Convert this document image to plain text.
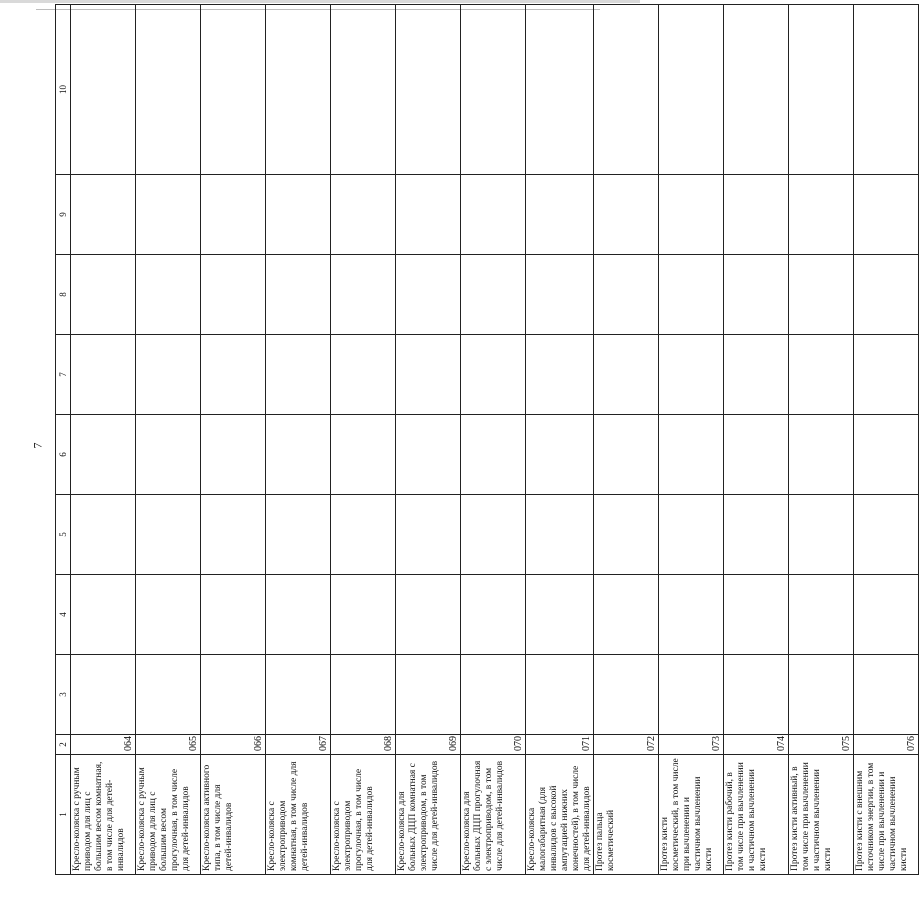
7
1	2	3	4	5	6	7	8	9	10
Кресло-коляска с ручным приводом для лиц с большим весом комнатная, в том числе для детей-инвалидов	064								
Кресло-коляска с ручным приводом для лиц с большим весом прогулочная, в том числе для детей-инвалидов	065								
Кресло-коляска активного типа, в том числе для детей-инвалидов	066								
Кресло-коляска с электроприводом комнатная, в том числе для детей-инвалидов	067								
Кресло-коляска с электроприводом прогулочная, в том числе для детей-инвалидов	068								
Кресло-коляска для больных ДЦП комнатная с электроприводом, в том числе для детей-инвалидов	069								
Кресло-коляска для больных ДЦП прогулочная с электроприводом, в том числе для детей-инвалидов	070								
Кресло-коляска малогабаритная (для инвалидов с высокой ампутацией нижних конечностей), в том числе для детей-инвалидов	071								
Протез пальца косметический	072								
Протез кисти косметический, в том числе при вычленении и частичном вычленении кисти	073								
Протез кисти рабочий, в том числе при вычленении и частичном вычленении кисти	074								
Протез кисти активный, в том числе при вычленении и частичном вычленении кисти	075								
Протез кисти с внешним источником энергии, в том числе при вычленении и частичном вычленении кисти	076								
